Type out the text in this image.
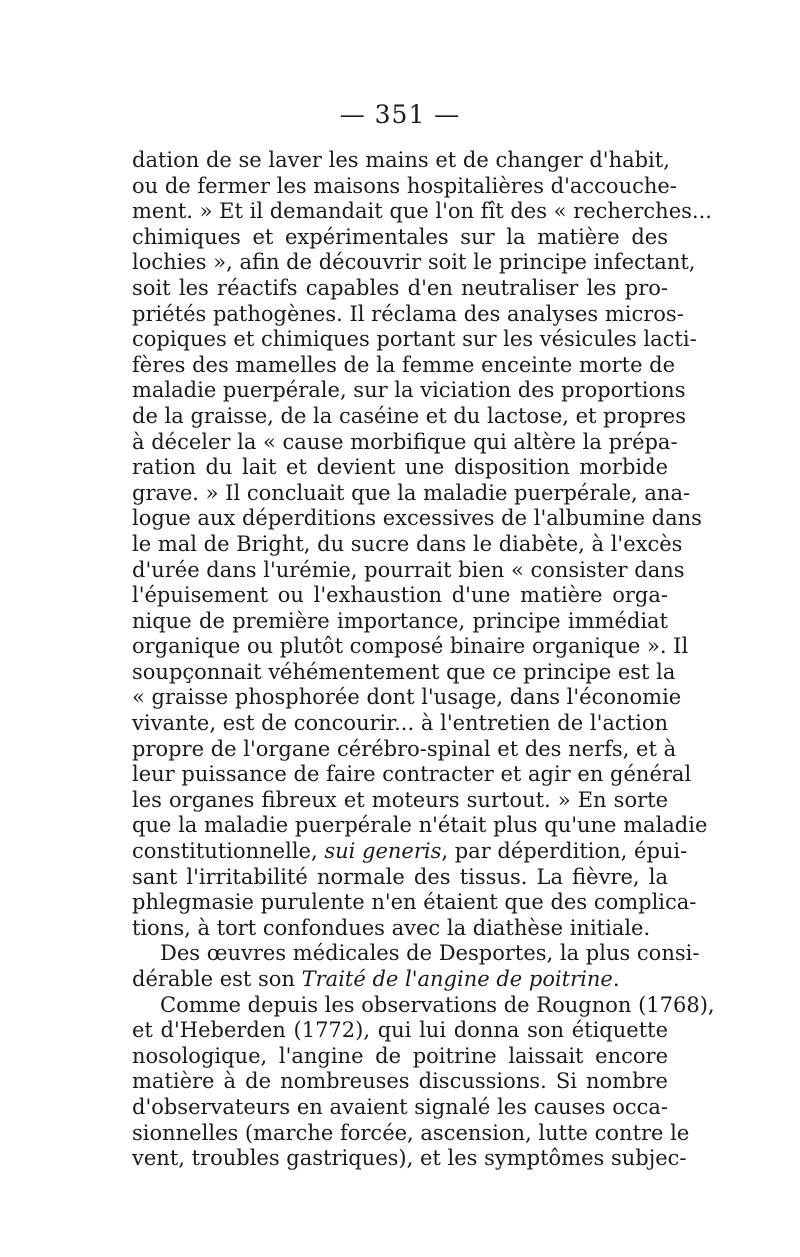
— 351 —
dation de se laver les mains et de changer d'habit,
ou de fermer les maisons hospitalières d'accouche-
ment. » Et il demandait que l'on fît des « recherches...
chimiques et expérimentales sur la matière des
lochies », afin de découvrir soit le principe infectant,
soit les réactifs capables d'en neutraliser les pro-
priétés pathogènes. Il réclama des analyses micros-
copiques et chimiques portant sur les vésicules lacti-
fères des mamelles de la femme enceinte morte de
maladie puerpérale, sur la viciation des proportions
de la graisse, de la caséine et du lactose, et propres
à déceler la « cause morbifique qui altère la prépa-
ration du lait et devient une disposition morbide
grave. » Il concluait que la maladie puerpérale, ana-
logue aux déperditions excessives de l'albumine dans
le mal de Bright, du sucre dans le diabète, à l'excès
d'urée dans l'urémie, pourrait bien « consister dans
l'épuisement ou l'exhaustion d'une matière orga-
nique de première importance, principe immédiat
organique ou plutôt composé binaire organique ». Il
soupçonnait véhémentement que ce principe est la
« graisse phosphorée dont l'usage, dans l'économie
vivante, est de concourir... à l'entretien de l'action
propre de l'organe cérébro-spinal et des nerfs, et à
leur puissance de faire contracter et agir en général
les organes fibreux et moteurs surtout. » En sorte
que la maladie puerpérale n'était plus qu'une maladie
constitutionnelle, sui generis, par déperdition, épui-
sant l'irritabilité normale des tissus. La fièvre, la
phlegmasie purulente n'en étaient que des complica-
tions, à tort confondues avec la diathèse initiale.
Des œuvres médicales de Desportes, la plus consi-
dérable est son Traité de l'angine de poitrine.
Comme depuis les observations de Rougnon (1768),
et d'Heberden (1772), qui lui donna son étiquette
nosologique, l'angine de poitrine laissait encore
matière à de nombreuses discussions. Si nombre
d'observateurs en avaient signalé les causes occa-
sionnelles (marche forcée, ascension, lutte contre le
vent, troubles gastriques), et les symptômes subjec-
